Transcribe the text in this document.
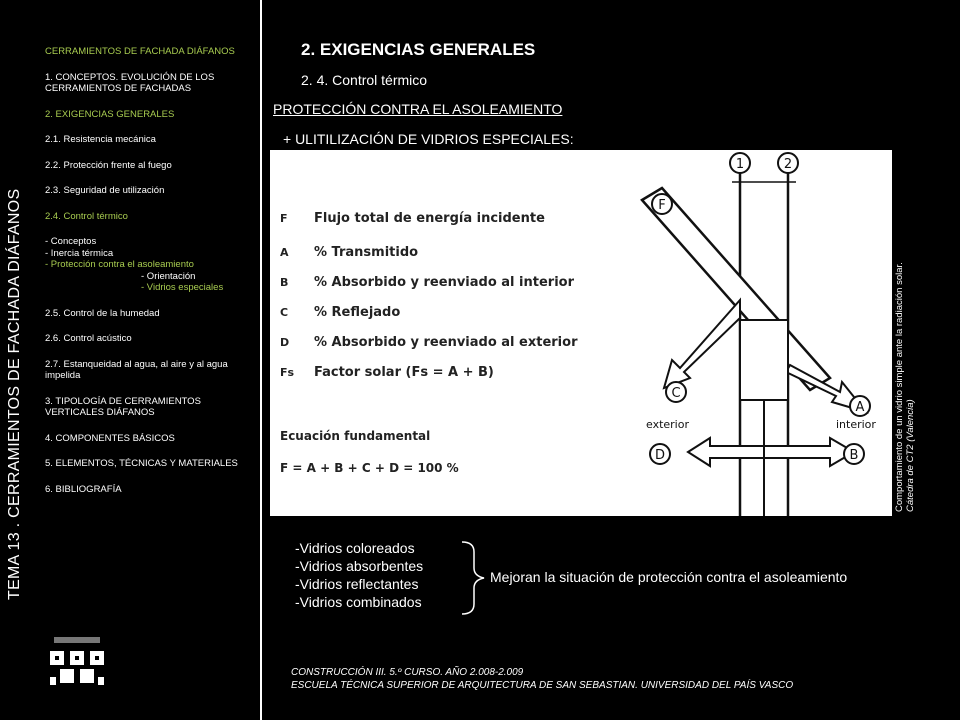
TEMA 13 . CERRAMIENTOS DE FACHADA DIÁFANOS
CERRAMIENTOS DE FACHADA DIÁFANOS
1. CONCEPTOS. EVOLUCIÓN DE LOS CERRAMIENTOS DE FACHADAS
2. EXIGENCIAS GENERALES
2.1. Resistencia mecánica
2.2. Protección frente al fuego
2.3. Seguridad de utilización
2.4. Control térmico
- Conceptos
- Inercia térmica
- Protección contra el asoleamiento
- Orientación
- Vidrios especiales
2.5. Control de la humedad
2.6. Control acústico
2.7. Estanqueidad al agua, al aire y al agua impelida
3. TIPOLOGÍA DE CERRAMIENTOS VERTICALES DIÁFANOS
4. COMPONENTES BÁSICOS
5. ELEMENTOS, TÉCNICAS Y MATERIALES
6. BIBLIOGRAFÍA
2. EXIGENCIAS GENERALES
2. 4. Control térmico
PROTECCIÓN CONTRA EL ASOLEAMIENTO
+ ULITILIZACIÓN DE VIDRIOS ESPECIALES:
F Flujo total de energía incidente
A % Transmitido
B % Absorbido y reenviado al interior
C % Reflejado
D % Absorbido y reenviado al exterior
Fs Factor solar (Fs = A + B)
Ecuación fundamental
F = A + B + C + D = 100 %
1	2
F
A
C
D	B
exterior	interior Comportamiento de un vidrio simple ante la radiación solar. Cátedra de CT2 (Valencia)
-Vidrios coloreados
-Vidrios absorbentes
-Vidrios reflectantes
-Vidrios combinados
Mejoran la situación de protección contra el asoleamiento
CONSTRUCCIÓN III. 5.º CURSO. AÑO 2.008-2.009
ESCUELA TÉCNICA SUPERIOR DE ARQUITECTURA DE SAN SEBASTIAN. UNIVERSIDAD DEL PAÍS VASCO
